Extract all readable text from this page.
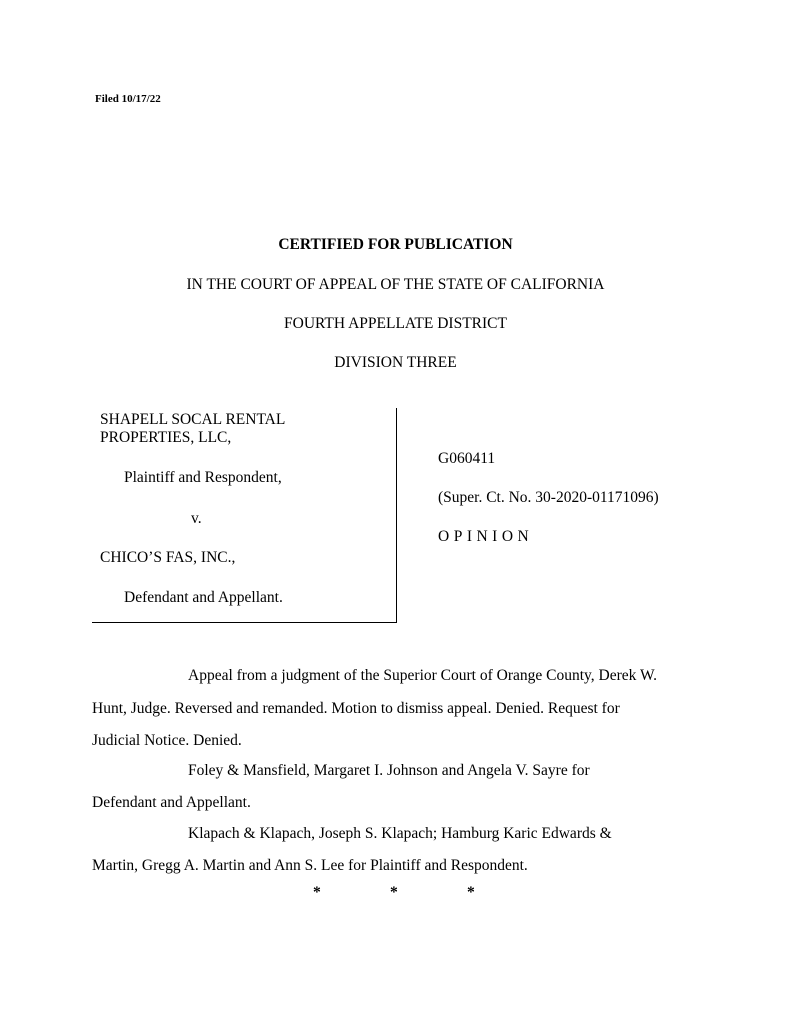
Filed 10/17/22
CERTIFIED FOR PUBLICATION
IN THE COURT OF APPEAL OF THE STATE OF CALIFORNIA
FOURTH APPELLATE DISTRICT
DIVISION THREE
SHAPELL SOCAL RENTAL
PROPERTIES, LLC,
Plaintiff and Respondent,
v.
CHICO’S FAS, INC.,
Defendant and Appellant.
G060411
(Super. Ct. No. 30-2020-01171096)
OPINION
Appeal from a judgment of the Superior Court of Orange County, Derek W.
Hunt, Judge. Reversed and remanded. Motion to dismiss appeal. Denied. Request for
Judicial Notice. Denied.
Foley & Mansfield, Margaret I. Johnson and Angela V. Sayre for
Defendant and Appellant.
Klapach & Klapach, Joseph S. Klapach; Hamburg Karic Edwards &
Martin, Gregg A. Martin and Ann S. Lee for Plaintiff and Respondent.
*	*	*
